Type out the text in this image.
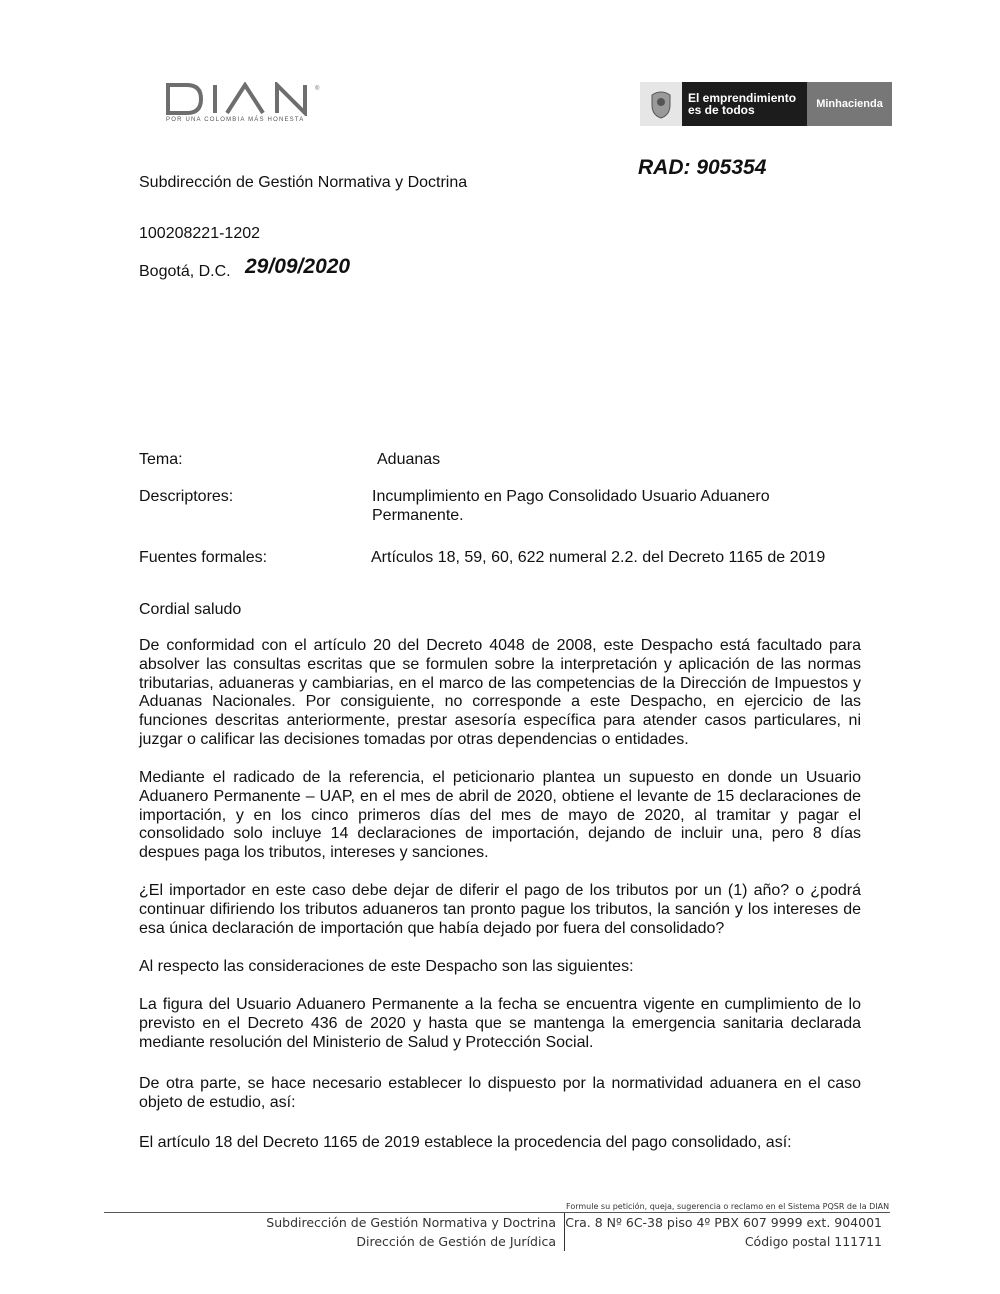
®
POR UNA COLOMBIA MÁS HONESTA
El emprendimiento
es de todos	Minhacienda
RAD: 905354
Subdirección de Gestión Normativa y Doctrina
100208221-1202
Bogotá, D.C. 29/09/2020
Tema:	Aduanas
Descriptores:	Incumplimiento en Pago Consolidado Usuario Aduanero
Permanente.
Fuentes formales:	Artículos 18, 59, 60, 622 numeral 2.2. del Decreto 1165 de 2019
Cordial saludo
De conformidad con el artículo 20 del Decreto 4048 de 2008, este Despacho está facultado para absolver las consultas escritas que se formulen sobre la interpretación y aplicación de las normas tributarias, aduaneras y cambiarias, en el marco de las competencias de la Dirección de Impuestos y Aduanas Nacionales. Por consiguiente, no corresponde a este Despacho, en ejercicio de las funciones descritas anteriormente, prestar asesoría específica para atender casos particulares, ni juzgar o calificar las decisiones tomadas por otras dependencias o entidades.
Mediante el radicado de la referencia, el peticionario plantea un supuesto en donde un Usuario Aduanero Permanente – UAP, en el mes de abril de 2020, obtiene el levante de 15 declaraciones de importación, y en los cinco primeros días del mes de mayo de 2020, al tramitar y pagar el consolidado solo incluye 14 declaraciones de importación, dejando de incluir una, pero 8 días despues paga los tributos, intereses y sanciones.
¿El importador en este caso debe dejar de diferir el pago de los tributos por un (1) año? o ¿podrá continuar difiriendo los tributos aduaneros tan pronto pague los tributos, la sanción y los intereses de esa única declaración de importación que había dejado por fuera del consolidado?
Al respecto las consideraciones de este Despacho son las siguientes:
La figura del Usuario Aduanero Permanente a la fecha se encuentra vigente en cumplimiento de lo previsto en el Decreto 436 de 2020 y hasta que se mantenga la emergencia sanitaria declarada mediante resolución del Ministerio de Salud y Protección Social.
De otra parte, se hace necesario establecer lo dispuesto por la normatividad aduanera en el caso objeto de estudio, así:
El artículo 18 del Decreto 1165 de 2019 establece la procedencia del pago consolidado, así:
Formule su petición, queja, sugerencia o reclamo en el Sistema PQSR de la DIAN
Subdirección de Gestión Normativa y Doctrina
Dirección de Gestión de Jurídica
Cra. 8 Nº 6C-38 piso 4º PBX 607 9999 ext. 904001
Código postal 111711
